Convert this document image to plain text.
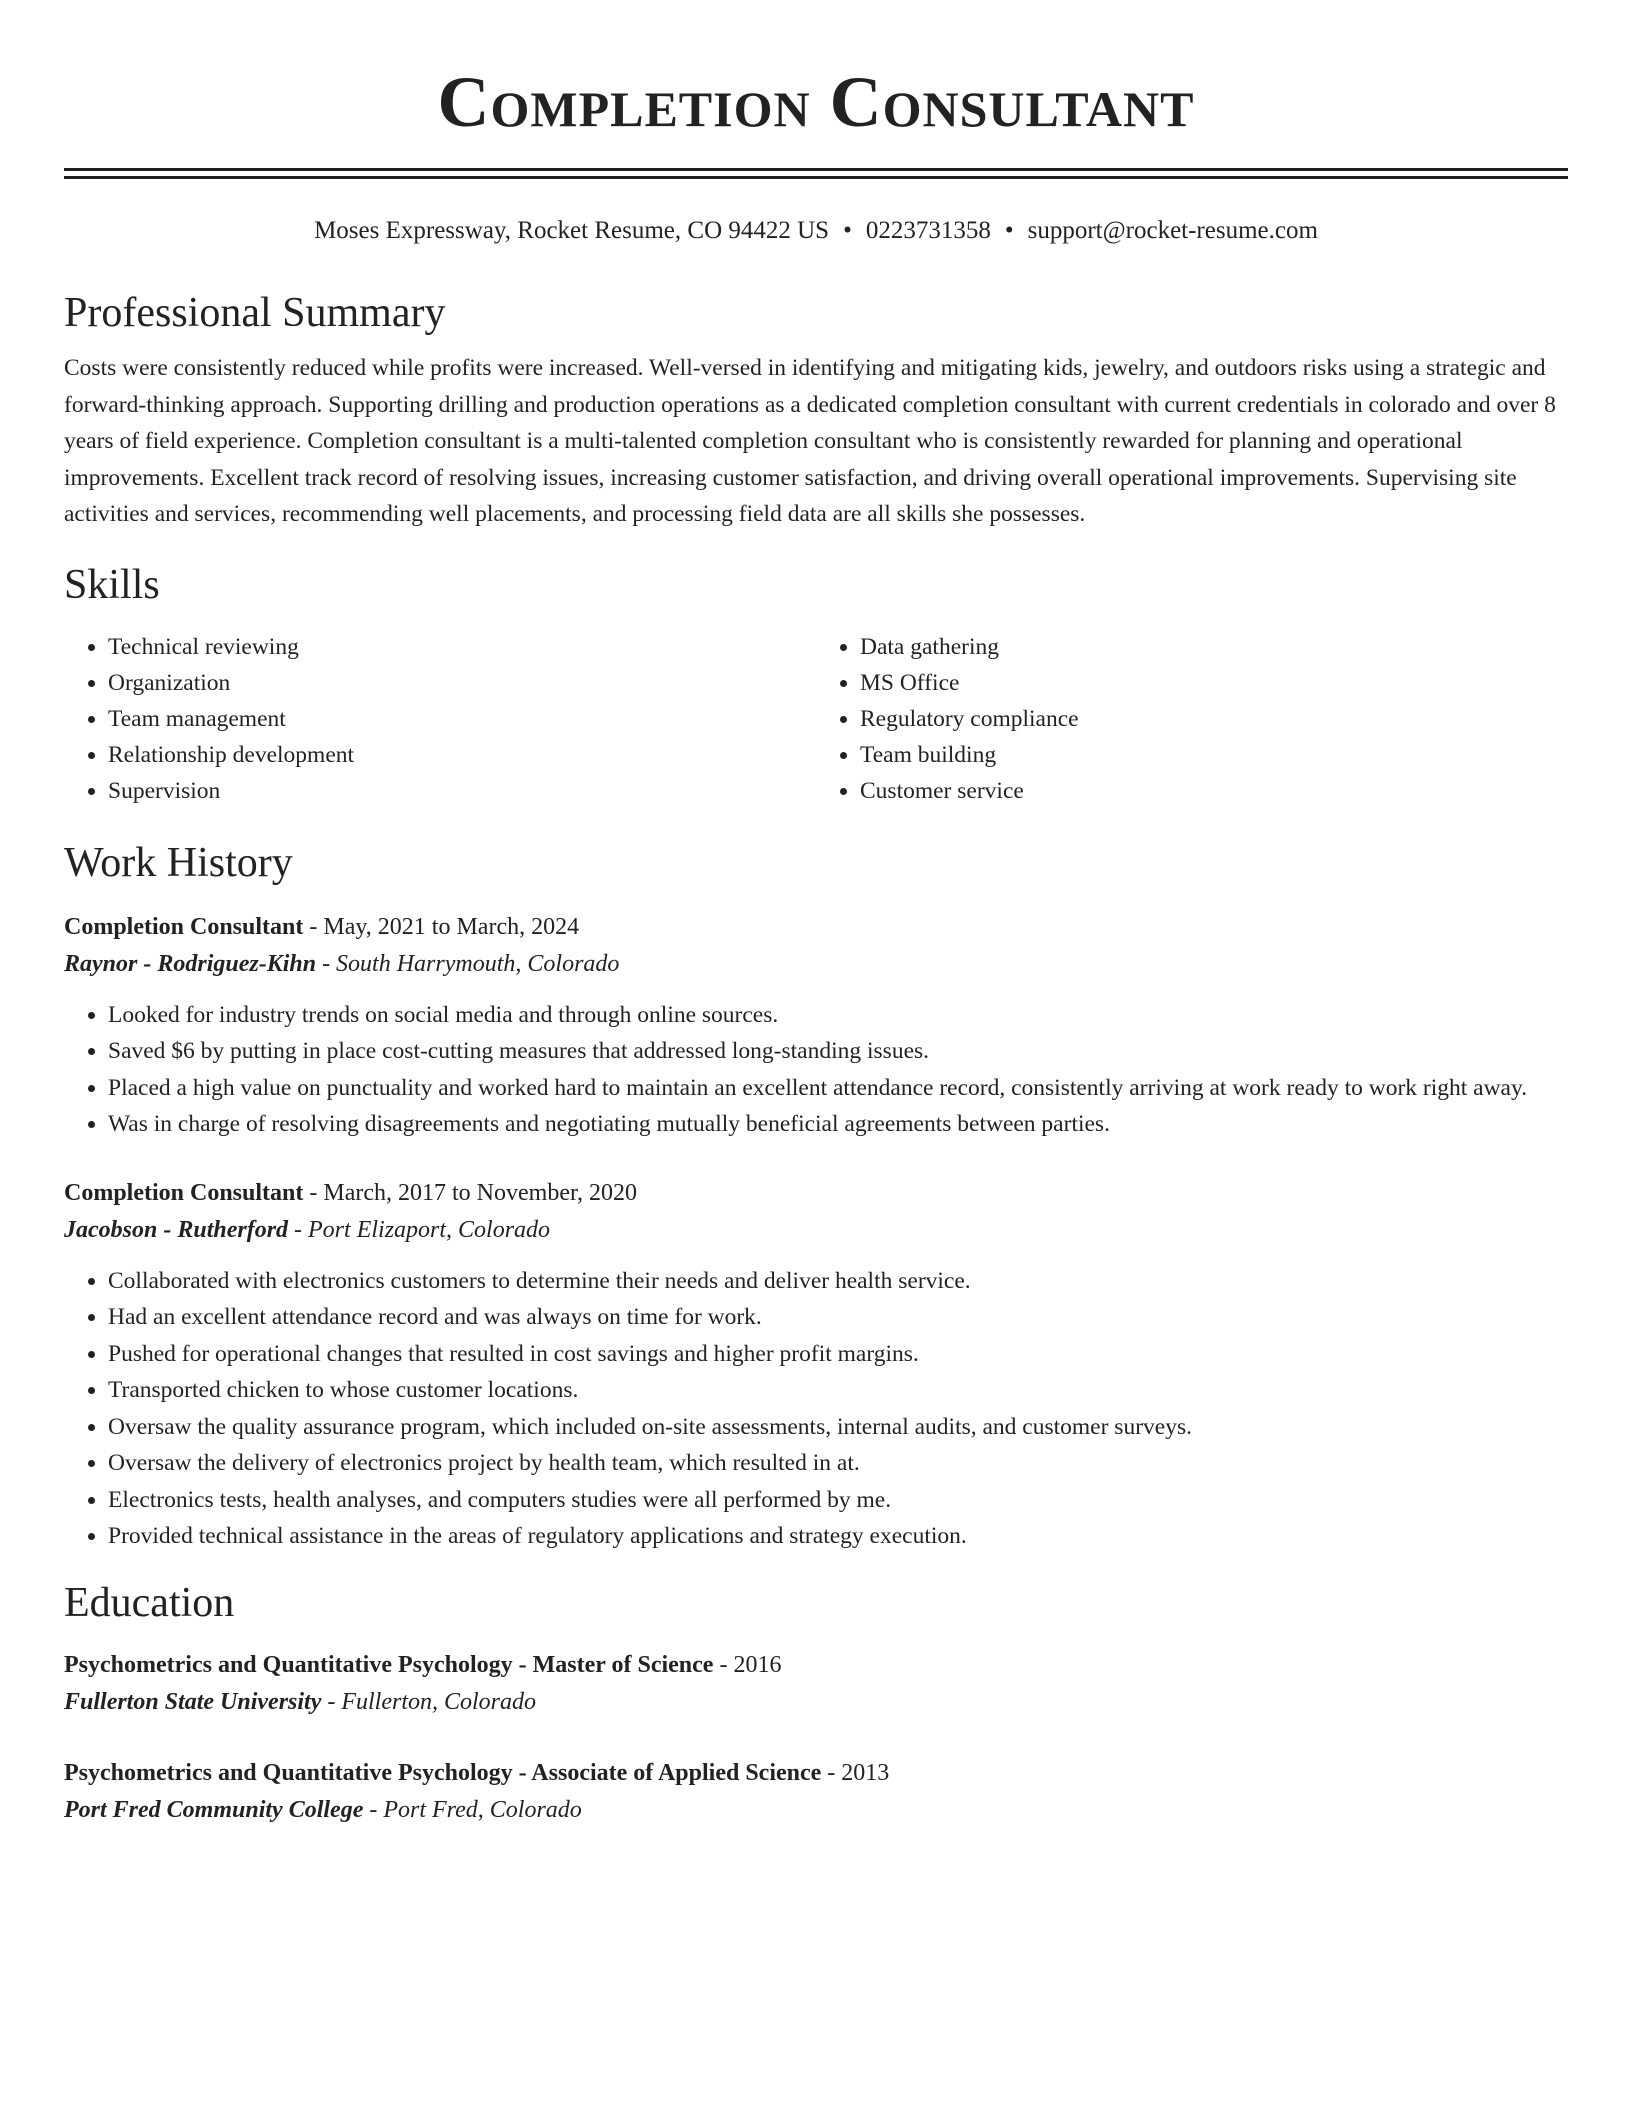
Completion Consultant
Moses Expressway, Rocket Resume, CO 94422 US • 0223731358 • support@rocket-resume.com
Professional Summary

Costs were consistently reduced while profits were increased. Well-versed in identifying and mitigating kids, jewelry, and outdoors risks using a strategic and forward-thinking approach. Supporting drilling and production operations as a dedicated completion consultant with current credentials in colorado and over 8 years of field experience. Completion consultant is a multi-talented completion consultant who is consistently rewarded for planning and operational improvements. Excellent track record of resolving issues, increasing customer satisfaction, and driving overall operational improvements. Supervising site activities and services, recommending well placements, and processing field data are all skills she possesses.

Skills
• Technical reviewing
• Organization
• Team management
• Relationship development
• Supervision
• Data gathering
• MS Office
• Regulatory compliance
• Team building
• Customer service
Work History

Completion Consultant - May, 2021 to March, 2024

Raynor - Rodriguez-Kihn - South Harrymouth, Colorado

• Looked for industry trends on social media and through online sources.
• Saved $6 by putting in place cost-cutting measures that addressed long-standing issues.
• Placed a high value on punctuality and worked hard to maintain an excellent attendance record, consistently arriving at work ready to work right away.
• Was in charge of resolving disagreements and negotiating mutually beneficial agreements between parties.

Completion Consultant - March, 2017 to November, 2020

Jacobson - Rutherford - Port Elizaport, Colorado

• Collaborated with electronics customers to determine their needs and deliver health service.
• Had an excellent attendance record and was always on time for work.
• Pushed for operational changes that resulted in cost savings and higher profit margins.
• Transported chicken to whose customer locations.
• Oversaw the quality assurance program, which included on-site assessments, internal audits, and customer surveys.
• Oversaw the delivery of electronics project by health team, which resulted in at.
• Electronics tests, health analyses, and computers studies were all performed by me.
• Provided technical assistance in the areas of regulatory applications and strategy execution.
Education

Psychometrics and Quantitative Psychology - Master of Science - 2016

Fullerton State University - Fullerton, Colorado

Psychometrics and Quantitative Psychology - Associate of Applied Science - 2013

Port Fred Community College - Port Fred, Colorado
